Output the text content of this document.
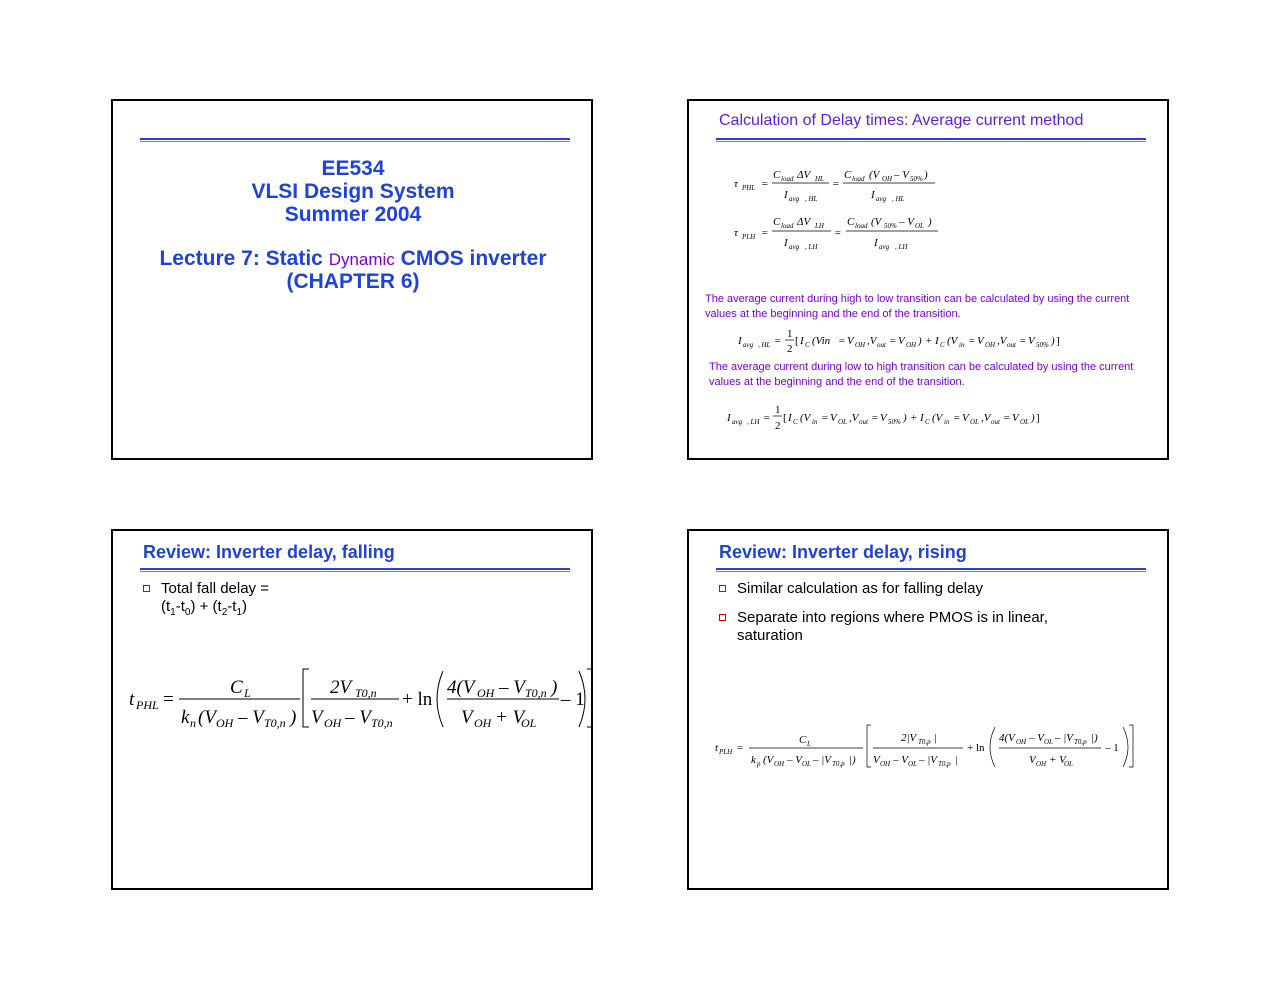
EE534
VLSI Design System
Summer 2004
Lecture 7: Static Dynamic CMOS inverter
(CHAPTER 6)
Calculation of Delay times: Average current method
τ PHL =
C load ΔV HL
I avg , HL
=
C load (V OH – V 50% )
I avg , HL
τ PLH =
C load ΔV LH
I avg , LH
=
C load (V 50% – V OL )
I avg , LH
The average current during high to low transition can be calculated by using the current values at the beginning and the end of the transition.
I avg , HL =
1
2
[ I C (Vin = V OH ,V out = V OH ) + I C (V in = V OH ,V out = V 50% ) ]
The average current during low to high transition can be calculated by using the current values at the beginning and the end of the transition.
I avg , LH =
1
2
[ I C (V in = V OL ,V out = V 50% ) + I C (V in = V OL ,V out = V OL ) ]
Review: Inverter delay, falling
Total fall delay =
$(t_1-t_0) + (t_2-t_1)$
t PHL =
C L
k n (V OH – V T0,n )
2V T0,n
V OH – V T0,n
+ ln
4(V OH – V T0,n )
V OH + V
OL
– 1
Review: Inverter delay, rising
Similar calculation as for falling delay
Separate into regions where PMOS is in linear, saturation
t PLH =
C L
k p (V OH – V OL – |V T0,p |)
2|V T0,p |
V OH – V OL – |V T0,p |
+ ln
4(V OH – V OL – |V T0,p |)
V OH + V
OL
– 1
